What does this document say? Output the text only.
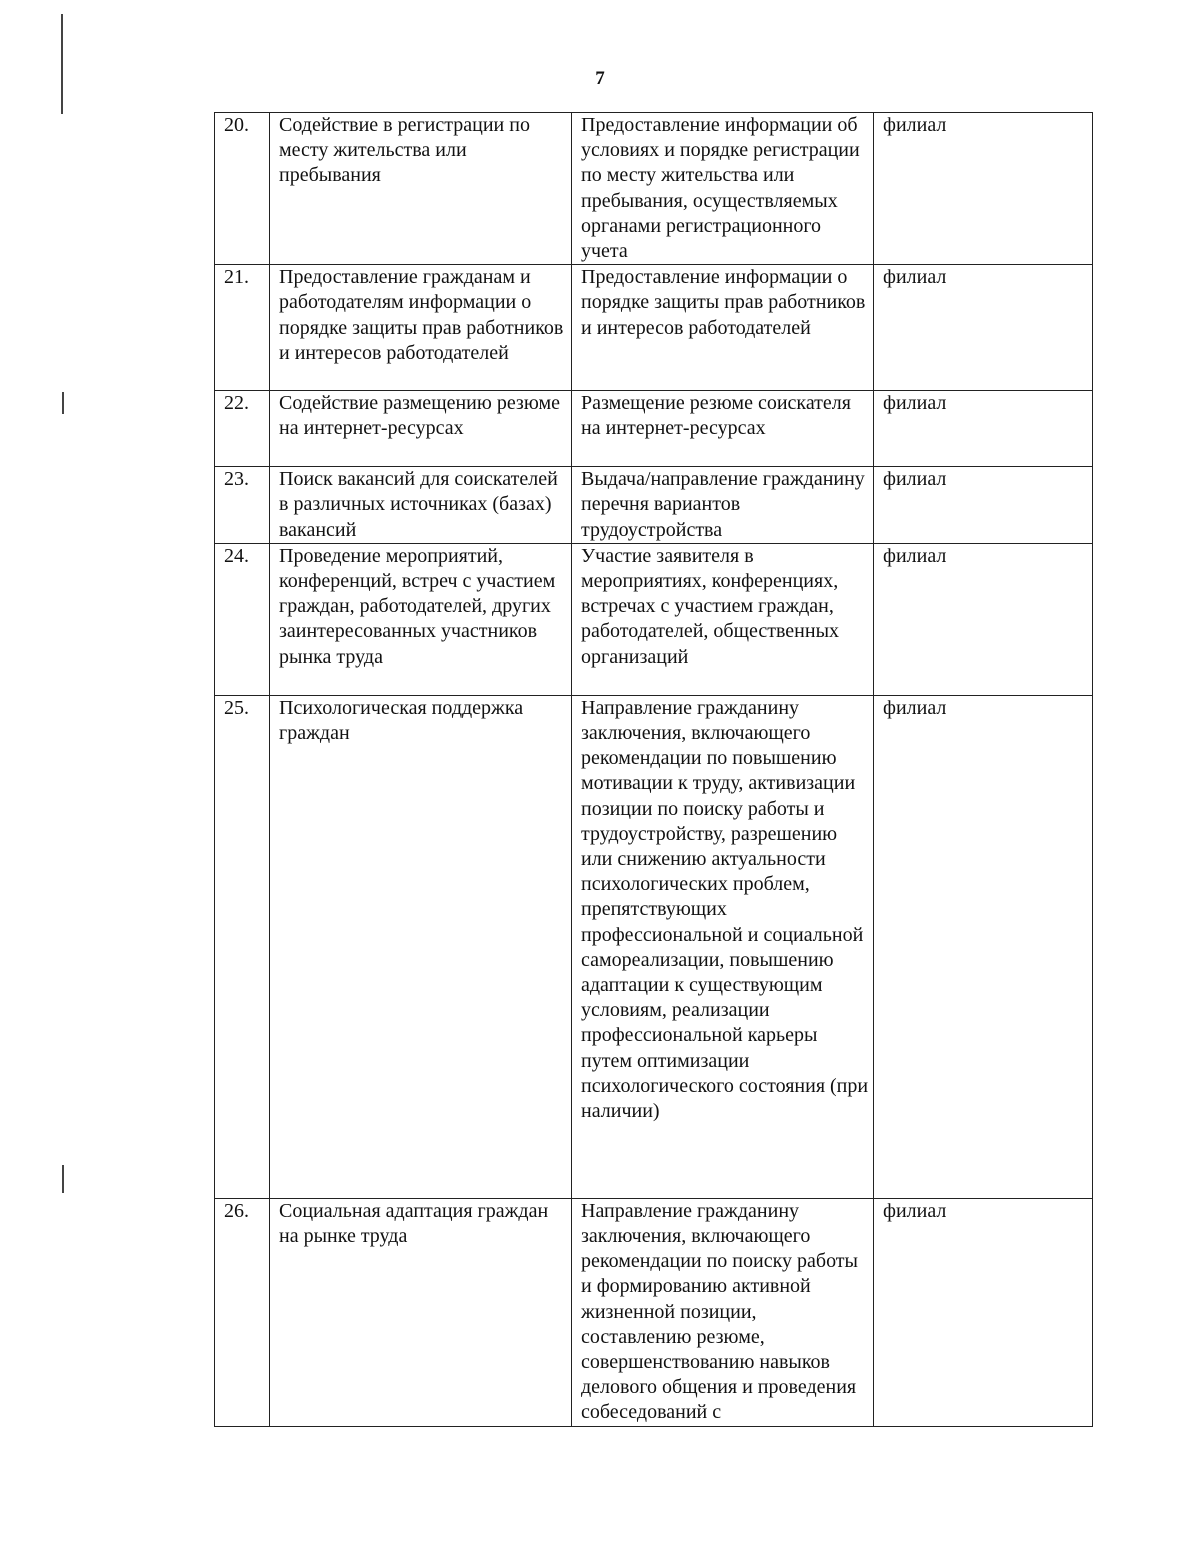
7
20.	Содействие в регистрации по месту жительства или пребывания	Предоставление информации об условиях и порядке регистрации по месту жительства или пребывания, осуществляемых органами регистрационного учета	филиал
21.	Предоставление гражданам и работодателям информации о порядке защиты прав работников и интересов работодателей	Предоставление информации о порядке защиты прав работников и интересов работодателей	филиал
22.	Содействие размещению резюме на интернет-ресурсах	Размещение резюме соискателя на интернет-ресурсах	филиал
23.	Поиск вакансий для соискателей в различных источниках (базах) вакансий	Выдача/направление гражданину перечня вариантов трудоустройства	филиал
24.	Проведение мероприятий, конференций, встреч с участием граждан, работодателей, других заинтересованных участников рынка труда	Участие заявителя в мероприятиях, конференциях, встречах с участием граждан, работодателей, общественных организаций	филиал
25.	Психологическая поддержка граждан	Направление гражданину заключения, включающего рекомендации по повышению мотивации к труду, активизации позиции по поиску работы и трудоустройству, разрешению или снижению актуальности психологических проблем, препятствующих профессиональной и социальной самореализации, повышению адаптации к существующим условиям, реализации профессиональной карьеры путем оптимизации психологического состояния (при наличии)	филиал
26.	Социальная адаптация граждан на рынке труда	Направление гражданину заключения, включающего рекомендации по поиску работы и формированию активной жизненной позиции, составлению резюме, совершенствованию навыков делового общения и проведения собеседований с	филиал
